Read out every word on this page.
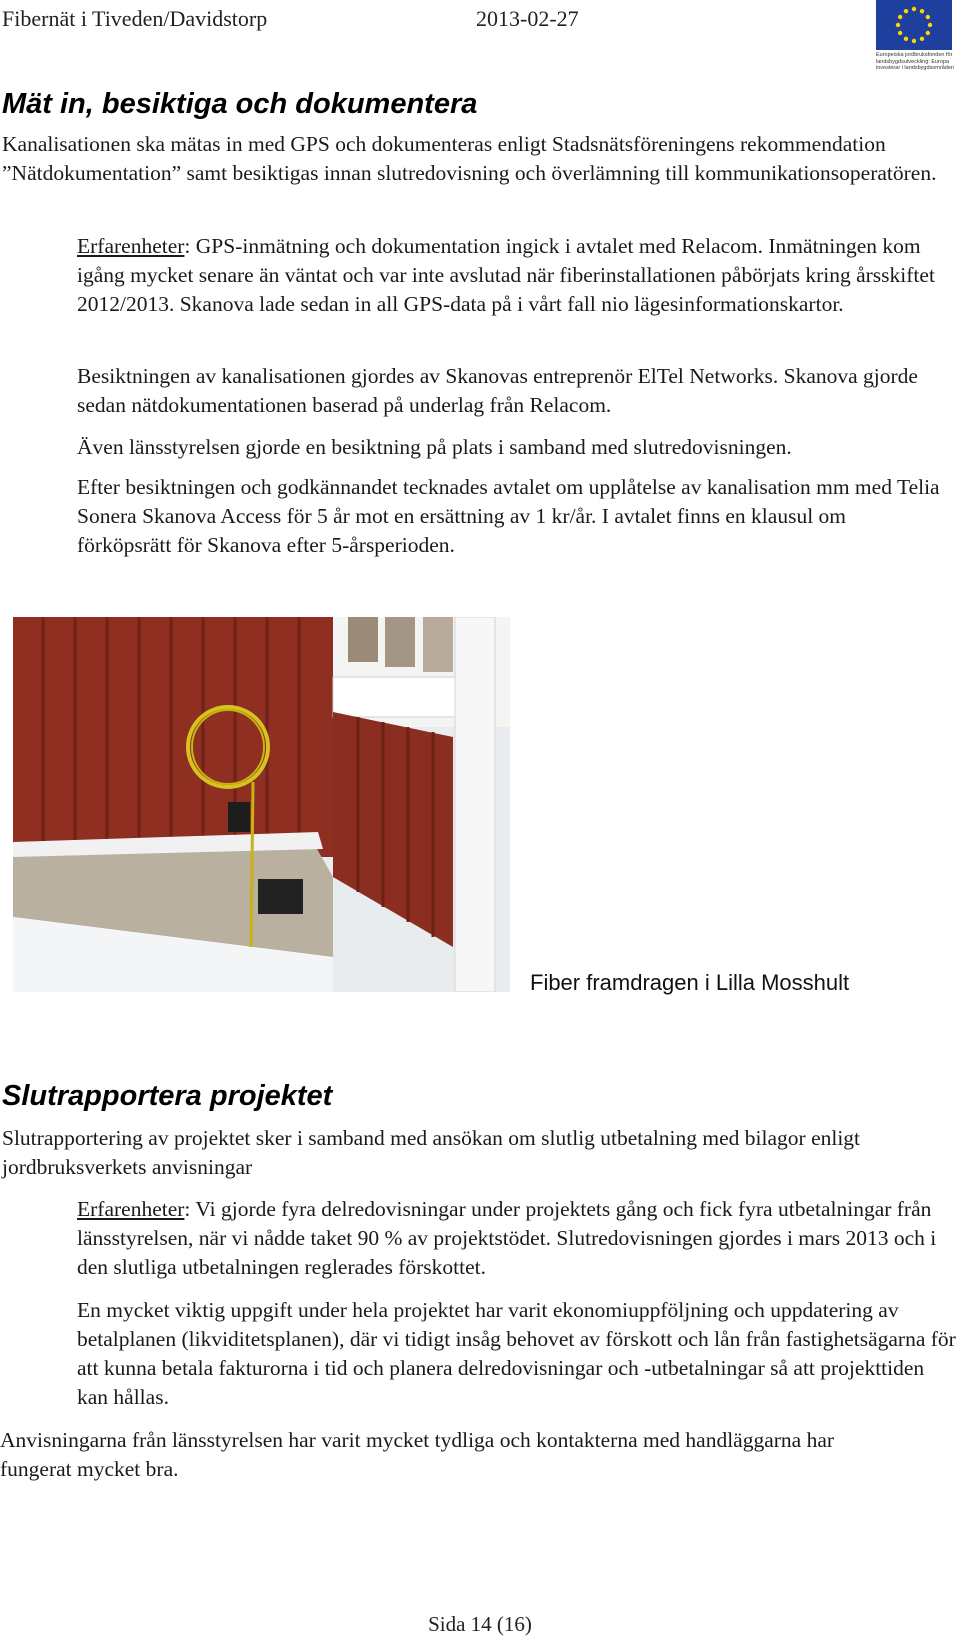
Fibernät i Tiveden/Davidstorp	2013-02-27
Europeiska jordbruksfonden för landsbygdsutveckling: Europa investerar i landsbygdsområden
Mät in, besiktiga och dokumentera
Kanalisationen ska mätas in med GPS och dokumenteras enligt Stadsnätsföreningens rekommendation ”Nätdokumentation” samt besiktigas innan slutredovisning och överlämning till kommunikationsoperatören.
Erfarenheter: GPS-inmätning och dokumentation ingick i avtalet med Relacom. Inmätningen kom igång mycket senare än väntat och var inte avslutad när fiberinstallationen påbörjats kring årsskiftet 2012/2013. Skanova lade sedan in all GPS-data på i vårt fall nio lägesinformationskartor.
Besiktningen av kanalisationen gjordes av Skanovas entreprenör ElTel Networks. Skanova gjorde sedan nätdokumentationen baserad på underlag från Relacom.
Även länsstyrelsen gjorde en besiktning på plats i samband med slutredovisningen.
Efter besiktningen och godkännandet tecknades avtalet om upplåtelse av kanalisation mm med Telia Sonera Skanova Access för 5 år mot en ersättning av 1 kr/år. I avtalet finns en klausul om förköpsrätt för Skanova efter 5-årsperioden.
Fiber framdragen i Lilla Mosshult
Slutrapportera projektet
Slutrapportering av projektet sker i samband med ansökan om slutlig utbetalning med bilagor enligt jordbruksverkets anvisningar
Erfarenheter: Vi gjorde fyra delredovisningar under projektets gång och fick fyra utbetalningar från länsstyrelsen, när vi nådde taket 90 % av projektstödet. Slutredovisningen gjordes i mars 2013 och i den slutliga utbetalningen reglerades förskottet.
En mycket viktig uppgift under hela projektet har varit ekonomiuppföljning och uppdatering av betalplanen (likviditetsplanen), där vi tidigt insåg behovet av förskott och lån från fastighetsägarna för att kunna betala fakturorna i tid och planera delredovisningar och -utbetalningar så att projekttiden kan hållas.
Anvisningarna från länsstyrelsen har varit mycket tydliga och kontakterna med handläggarna har fungerat mycket bra.
Sida 14 (16)
